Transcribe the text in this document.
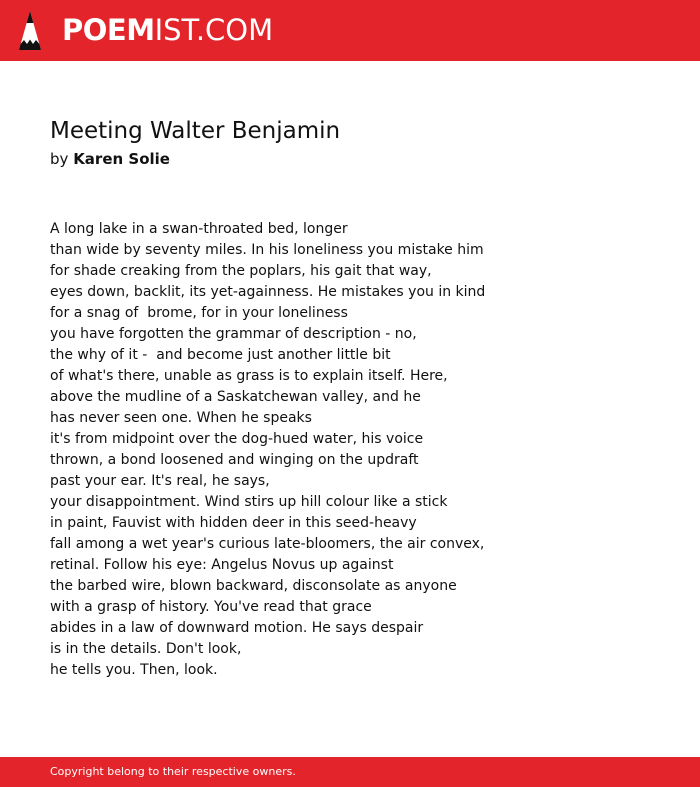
POEMIST.COM
Meeting Walter Benjamin
by Karen Solie
A long lake in a swan-throated bed, longer
than wide by seventy miles. In his loneliness you mistake him
for shade creaking from the poplars, his gait that way,
eyes down, backlit, its yet-againness. He mistakes you in kind
for a snag of  brome, for in your loneliness
you have forgotten the grammar of description - no,
the why of it -  and become just another little bit
of what's there, unable as grass is to explain itself. Here,
above the mudline of a Saskatchewan valley, and he
has never seen one. When he speaks
it's from midpoint over the dog-hued water, his voice
thrown, a bond loosened and winging on the updraft
past your ear. It's real, he says,
your disappointment. Wind stirs up hill colour like a stick
in paint, Fauvist with hidden deer in this seed-heavy
fall among a wet year's curious late-bloomers, the air convex,
retinal. Follow his eye: Angelus Novus up against
the barbed wire, blown backward, disconsolate as anyone
with a grasp of history. You've read that grace
abides in a law of downward motion. He says despair
is in the details. Don't look,
he tells you. Then, look.
Copyright belong to their respective owners.
